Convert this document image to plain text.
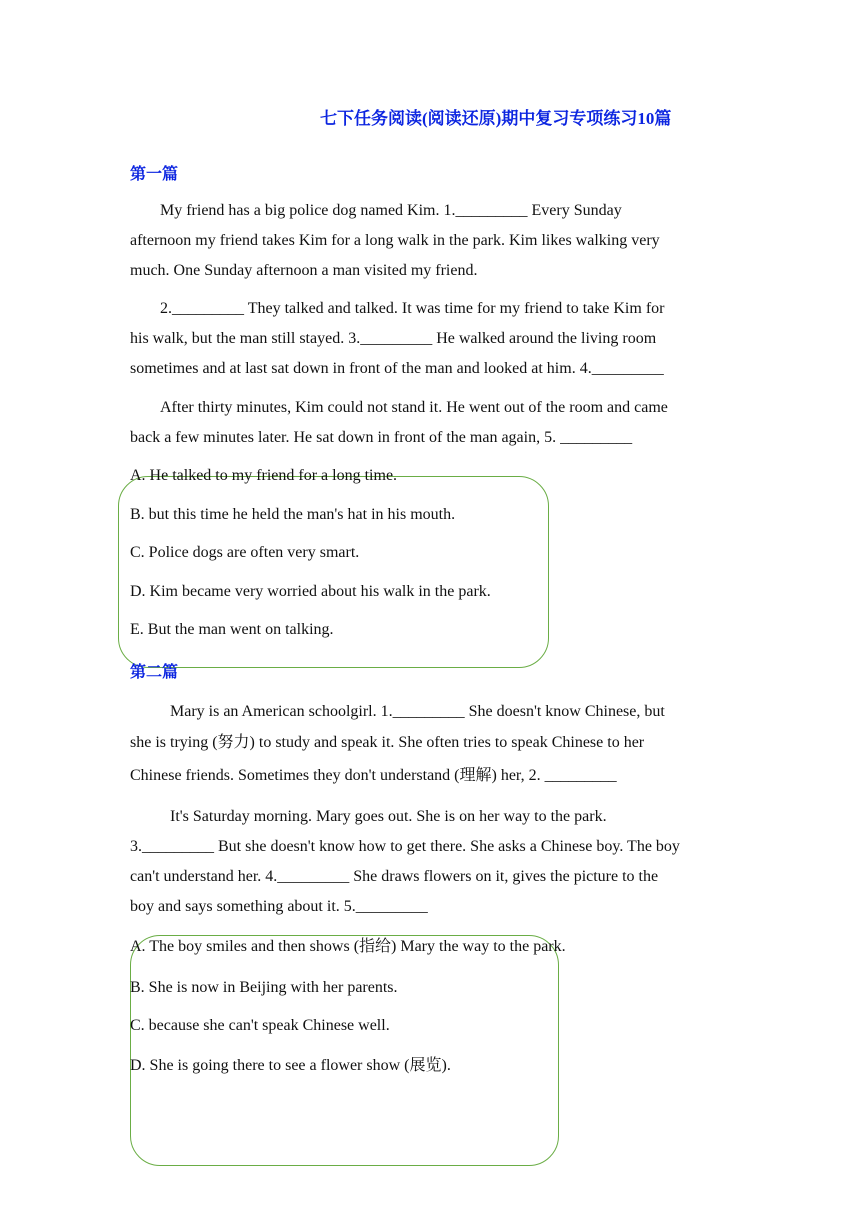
七下任务阅读(阅读还原)期中复习专项练习10篇
第一篇
My friend has a big police dog named Kim. 1._________ Every Sunday
afternoon my friend takes Kim for a long walk in the park. Kim likes walking very
much. One Sunday afternoon a man visited my friend.
2._________ They talked and talked. It was time for my friend to take Kim for
his walk, but the man still stayed. 3._________ He walked around the living room
sometimes and at last sat down in front of the man and looked at him. 4._________
After thirty minutes, Kim could not stand it. He went out of the room and came
back a few minutes later. He sat down in front of the man again, 5. _________
A. He talked to my friend for a long time.
B. but this time he held the man's hat in his mouth.
C. Police dogs are often very smart.
D. Kim became very worried about his walk in the park.
E. But the man went on talking.
第二篇
Mary is an American schoolgirl. 1._________ She doesn't know Chinese, but
she is trying (努力) to study and speak it. She often tries to speak Chinese to her
Chinese friends. Sometimes they don't understand (理解) her, 2. _________
It's Saturday morning. Mary goes out. She is on her way to the park.
3._________ But she doesn't know how to get there. She asks a Chinese boy. The boy
can't understand her. 4._________ She draws flowers on it, gives the picture to the
boy and says something about it. 5._________
A. The boy smiles and then shows (指给) Mary the way to the park.
B. She is now in Beijing with her parents.
C. because she can't speak Chinese well.
D. She is going there to see a flower show (展览).
